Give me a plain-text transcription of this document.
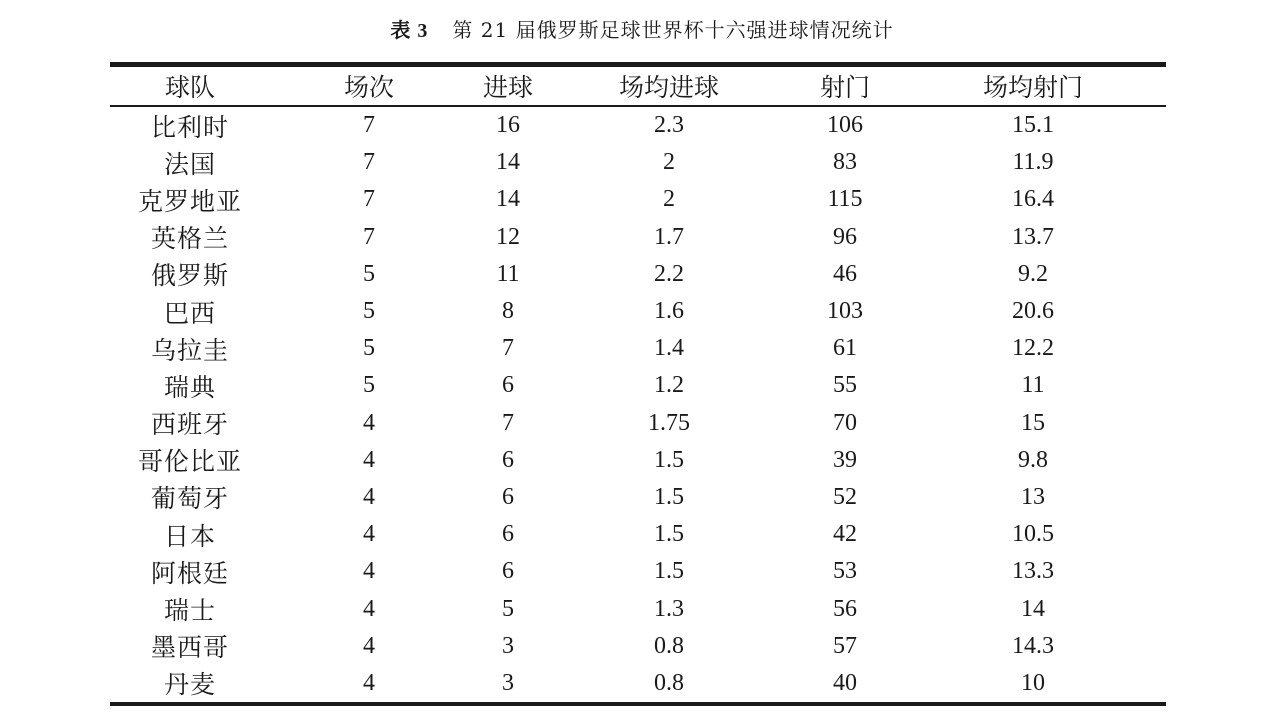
表 3 第 21 届俄罗斯足球世界杯十六强进球情况统计
球队	场次	进球	场均进球	射门	场均射门
比利时	7	16	2.3	106	15.1
法国	7	14	2	83	11.9
克罗地亚	7	14	2	115	16.4
英格兰	7	12	1.7	96	13.7
俄罗斯	5	11	2.2	46	9.2
巴西	5	8	1.6	103	20.6
乌拉圭	5	7	1.4	61	12.2
瑞典	5	6	1.2	55	11
西班牙	4	7	1.75	70	15
哥伦比亚	4	6	1.5	39	9.8
葡萄牙	4	6	1.5	52	13
日本	4	6	1.5	42	10.5
阿根廷	4	6	1.5	53	13.3
瑞士	4	5	1.3	56	14
墨西哥	4	3	0.8	57	14.3
丹麦	4	3	0.8	40	10
